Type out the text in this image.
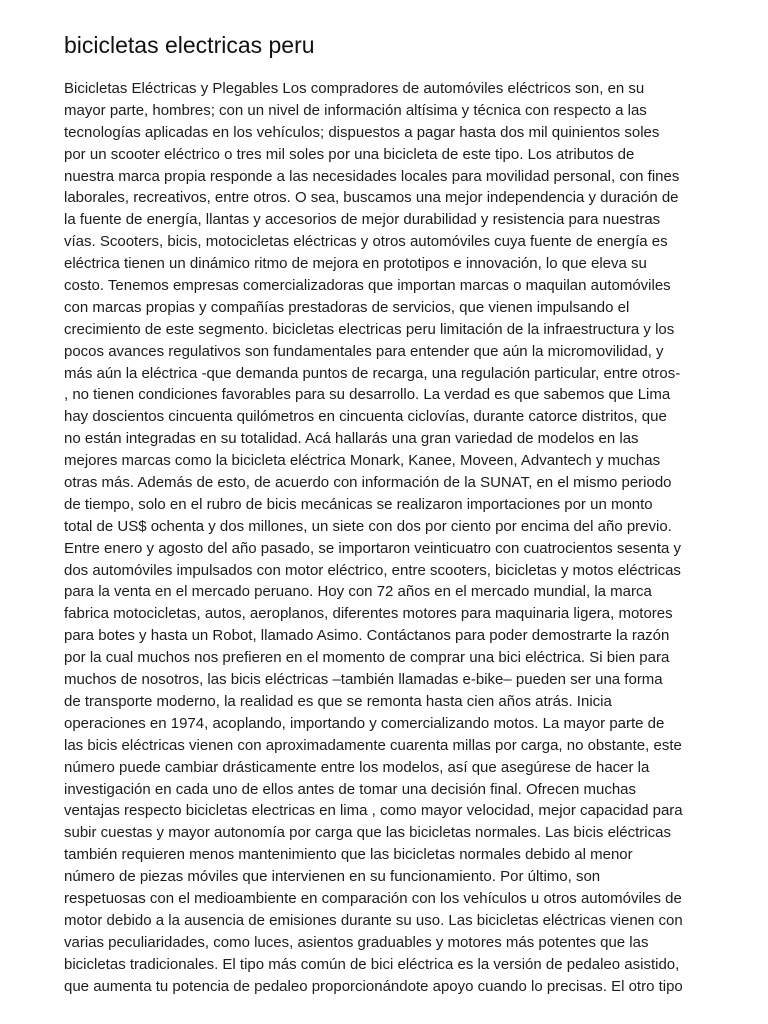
bicicletas electricas peru
Bicicletas Eléctricas y Plegables Los compradores de automóviles eléctricos son, en su
mayor parte, hombres; con un nivel de información altísima y técnica con respecto a las
tecnologías aplicadas en los vehículos; dispuestos a pagar hasta dos mil quinientos soles
por un scooter eléctrico o tres mil soles por una bicicleta de este tipo. Los atributos de
nuestra marca propia responde a las necesidades locales para movilidad personal, con fines
laborales, recreativos, entre otros. O sea, buscamos una mejor independencia y duración de
la fuente de energía, llantas y accesorios de mejor durabilidad y resistencia para nuestras
vías. Scooters, bicis, motocicletas eléctricas y otros automóviles cuya fuente de energía es
eléctrica tienen un dinámico ritmo de mejora en prototipos e innovación, lo que eleva su
costo. Tenemos empresas comercializadoras que importan marcas o maquilan automóviles
con marcas propias y compañías prestadoras de servicios, que vienen impulsando el
crecimiento de este segmento. bicicletas electricas peru limitación de la infraestructura y los
pocos avances regulativos son fundamentales para entender que aún la micromovilidad, y
más aún la eléctrica -que demanda puntos de recarga, una regulación particular, entre otros-
, no tienen condiciones favorables para su desarrollo. La verdad es que sabemos que Lima
hay doscientos cincuenta quilómetros en cincuenta ciclovías, durante catorce distritos, que
no están integradas en su totalidad. Acá hallarás una gran variedad de modelos en las
mejores marcas como la bicicleta eléctrica Monark, Kanee, Moveen, Advantech y muchas
otras más. Además de esto, de acuerdo con información de la SUNAT, en el mismo periodo
de tiempo, solo en el rubro de bicis mecánicas se realizaron importaciones por un monto
total de US$ ochenta y dos millones, un siete con dos por ciento por encima del año previo.
Entre enero y agosto del año pasado, se importaron veinticuatro con cuatrocientos sesenta y
dos automóviles impulsados con motor eléctrico, entre scooters, bicicletas y motos eléctricas
para la venta en el mercado peruano. Hoy con 72 años en el mercado mundial, la marca
fabrica motocicletas, autos, aeroplanos, diferentes motores para maquinaria ligera, motores
para botes y hasta un Robot, llamado Asimo. Contáctanos para poder demostrarte la razón
por la cual muchos nos prefieren en el momento de comprar una bici eléctrica. Si bien para
muchos de nosotros, las bicis eléctricas –también llamadas e-bike– pueden ser una forma
de transporte moderno, la realidad es que se remonta hasta cien años atrás. Inicia
operaciones en 1974, acoplando, importando y comercializando motos. La mayor parte de
las bicis eléctricas vienen con aproximadamente cuarenta millas por carga, no obstante, este
número puede cambiar drásticamente entre los modelos, así que asegúrese de hacer la
investigación en cada uno de ellos antes de tomar una decisión final. Ofrecen muchas
ventajas respecto bicicletas electricas en lima , como mayor velocidad, mejor capacidad para
subir cuestas y mayor autonomía por carga que las bicicletas normales. Las bicis eléctricas
también requieren menos mantenimiento que las bicicletas normales debido al menor
número de piezas móviles que intervienen en su funcionamiento. Por último, son
respetuosas con el medioambiente en comparación con los vehículos u otros automóviles de
motor debido a la ausencia de emisiones durante su uso. Las bicicletas eléctricas vienen con
varias peculiaridades, como luces, asientos graduables y motores más potentes que las
bicicletas tradicionales. El tipo más común de bici eléctrica es la versión de pedaleo asistido,
que aumenta tu potencia de pedaleo proporcionándote apoyo cuando lo precisas. El otro tipo
